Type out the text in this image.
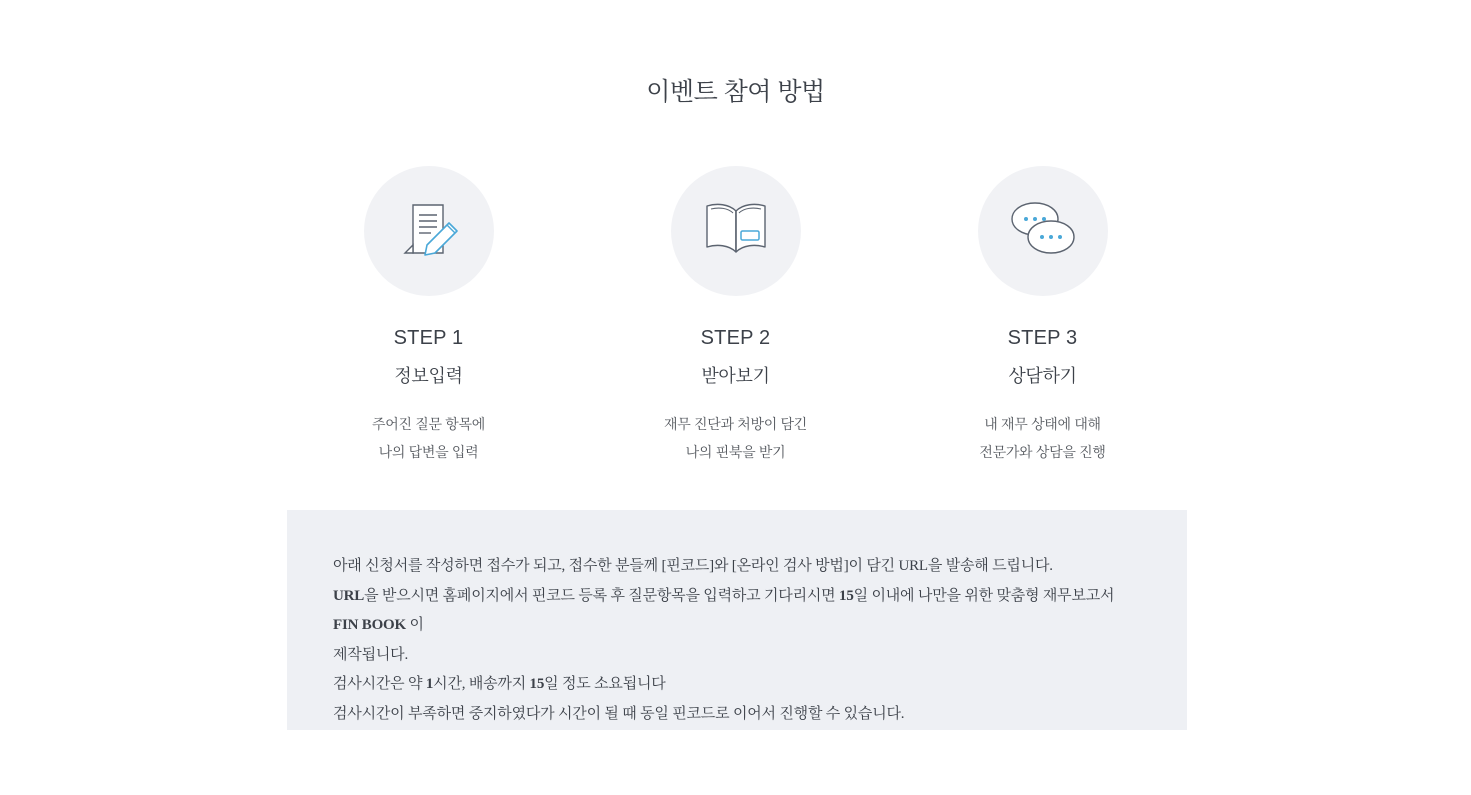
이벤트 참여 방법
STEP 1
정보입력
주어진 질문 항목에
나의 답변을 입력
STEP 2
받아보기
재무 진단과 처방이 담긴
나의 핀북을 받기
STEP 3
상담하기
내 재무 상태에 대해
전문가와 상담을 진행

아래 신청서를 작성하면 접수가 되고, 접수한 분들께 [핀코드]와 [온라인 검사 방법]이 담긴 URL을 발송해 드립니다.

URL을 받으시면 홈페이지에서 핀코드 등록 후 질문항목을 입력하고 기다리시면 15일 이내에 나만을 위한 맞춤형 재무보고서 FIN BOOK 이

제작됩니다.

검사시간은 약 1시간, 배송까지 15일 정도 소요됩니다

검사시간이 부족하면 중지하였다가 시간이 될 때 동일 핀코드로 이어서 진행할 수 있습니다.
